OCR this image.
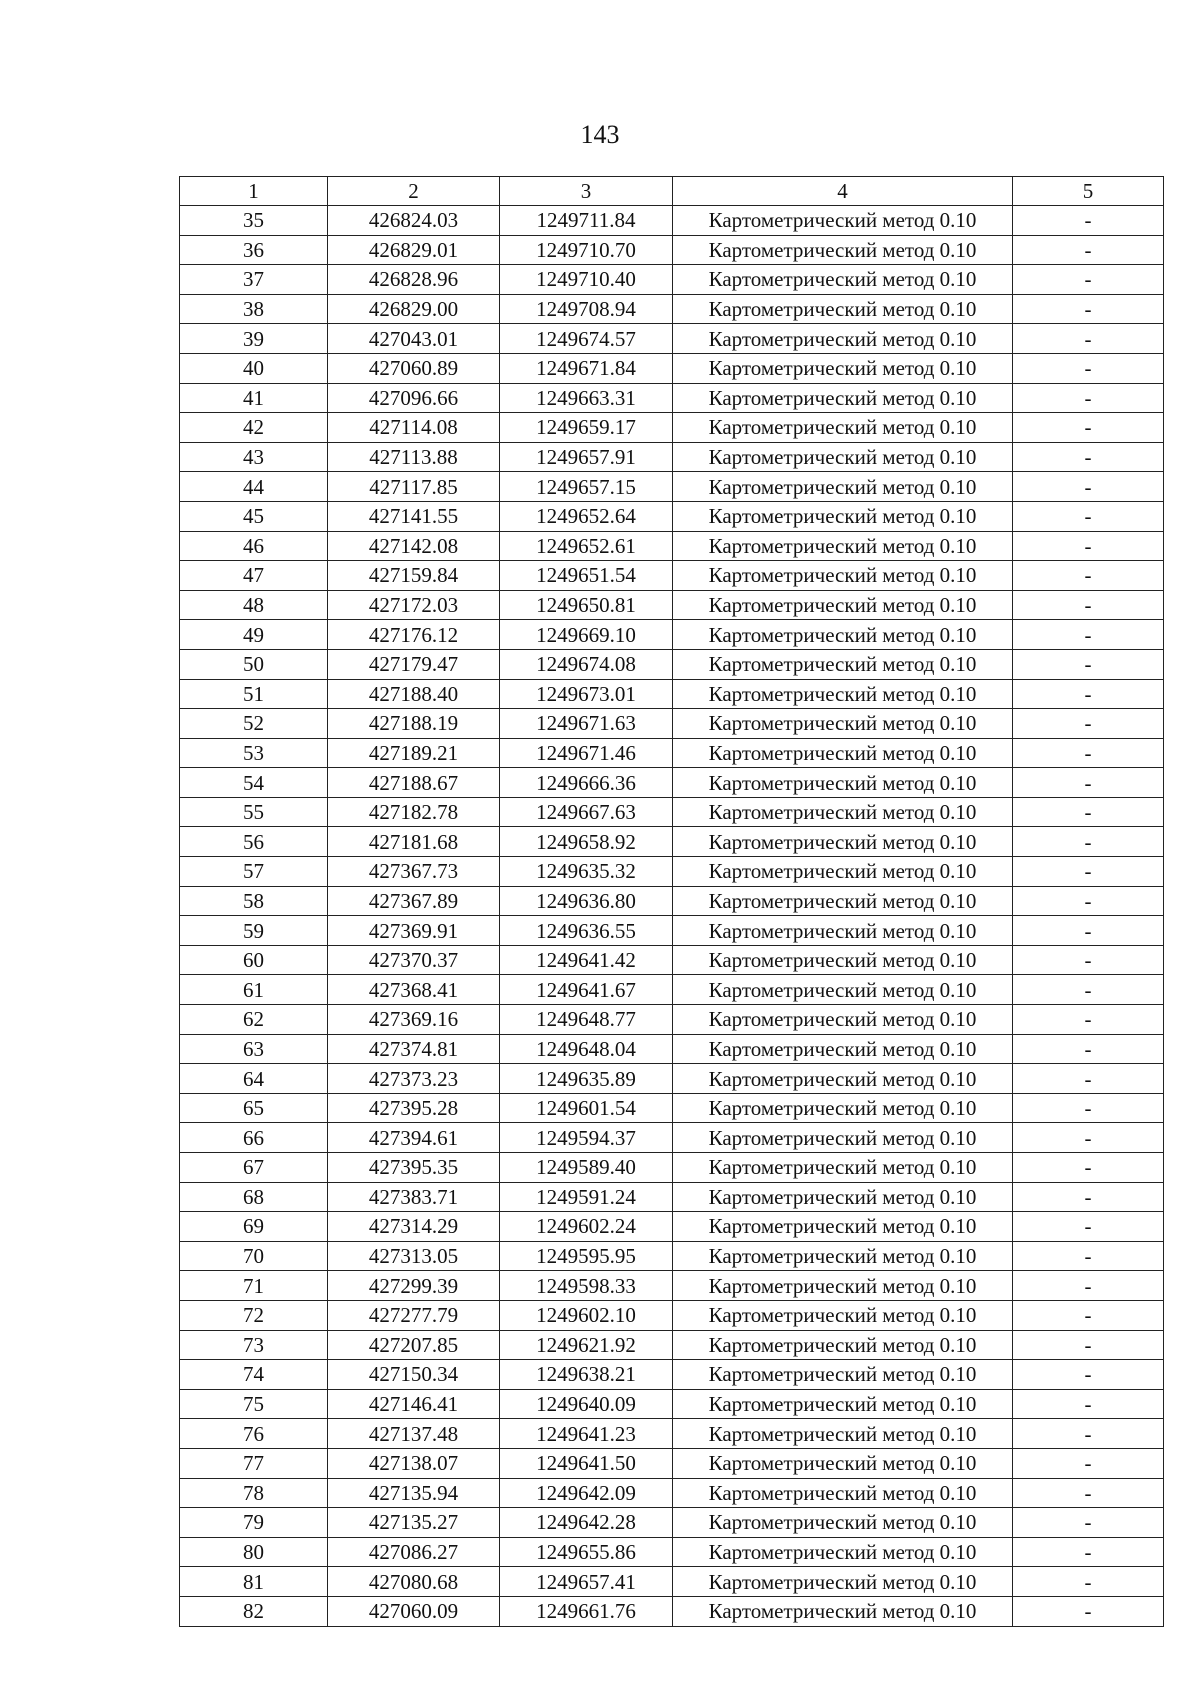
143
1	2	3	4	5
35	426824.03	1249711.84	Картометрический метод 0.10	-
36	426829.01	1249710.70	Картометрический метод 0.10	-
37	426828.96	1249710.40	Картометрический метод 0.10	-
38	426829.00	1249708.94	Картометрический метод 0.10	-
39	427043.01	1249674.57	Картометрический метод 0.10	-
40	427060.89	1249671.84	Картометрический метод 0.10	-
41	427096.66	1249663.31	Картометрический метод 0.10	-
42	427114.08	1249659.17	Картометрический метод 0.10	-
43	427113.88	1249657.91	Картометрический метод 0.10	-
44	427117.85	1249657.15	Картометрический метод 0.10	-
45	427141.55	1249652.64	Картометрический метод 0.10	-
46	427142.08	1249652.61	Картометрический метод 0.10	-
47	427159.84	1249651.54	Картометрический метод 0.10	-
48	427172.03	1249650.81	Картометрический метод 0.10	-
49	427176.12	1249669.10	Картометрический метод 0.10	-
50	427179.47	1249674.08	Картометрический метод 0.10	-
51	427188.40	1249673.01	Картометрический метод 0.10	-
52	427188.19	1249671.63	Картометрический метод 0.10	-
53	427189.21	1249671.46	Картометрический метод 0.10	-
54	427188.67	1249666.36	Картометрический метод 0.10	-
55	427182.78	1249667.63	Картометрический метод 0.10	-
56	427181.68	1249658.92	Картометрический метод 0.10	-
57	427367.73	1249635.32	Картометрический метод 0.10	-
58	427367.89	1249636.80	Картометрический метод 0.10	-
59	427369.91	1249636.55	Картометрический метод 0.10	-
60	427370.37	1249641.42	Картометрический метод 0.10	-
61	427368.41	1249641.67	Картометрический метод 0.10	-
62	427369.16	1249648.77	Картометрический метод 0.10	-
63	427374.81	1249648.04	Картометрический метод 0.10	-
64	427373.23	1249635.89	Картометрический метод 0.10	-
65	427395.28	1249601.54	Картометрический метод 0.10	-
66	427394.61	1249594.37	Картометрический метод 0.10	-
67	427395.35	1249589.40	Картометрический метод 0.10	-
68	427383.71	1249591.24	Картометрический метод 0.10	-
69	427314.29	1249602.24	Картометрический метод 0.10	-
70	427313.05	1249595.95	Картометрический метод 0.10	-
71	427299.39	1249598.33	Картометрический метод 0.10	-
72	427277.79	1249602.10	Картометрический метод 0.10	-
73	427207.85	1249621.92	Картометрический метод 0.10	-
74	427150.34	1249638.21	Картометрический метод 0.10	-
75	427146.41	1249640.09	Картометрический метод 0.10	-
76	427137.48	1249641.23	Картометрический метод 0.10	-
77	427138.07	1249641.50	Картометрический метод 0.10	-
78	427135.94	1249642.09	Картометрический метод 0.10	-
79	427135.27	1249642.28	Картометрический метод 0.10	-
80	427086.27	1249655.86	Картометрический метод 0.10	-
81	427080.68	1249657.41	Картометрический метод 0.10	-
82	427060.09	1249661.76	Картометрический метод 0.10	-
